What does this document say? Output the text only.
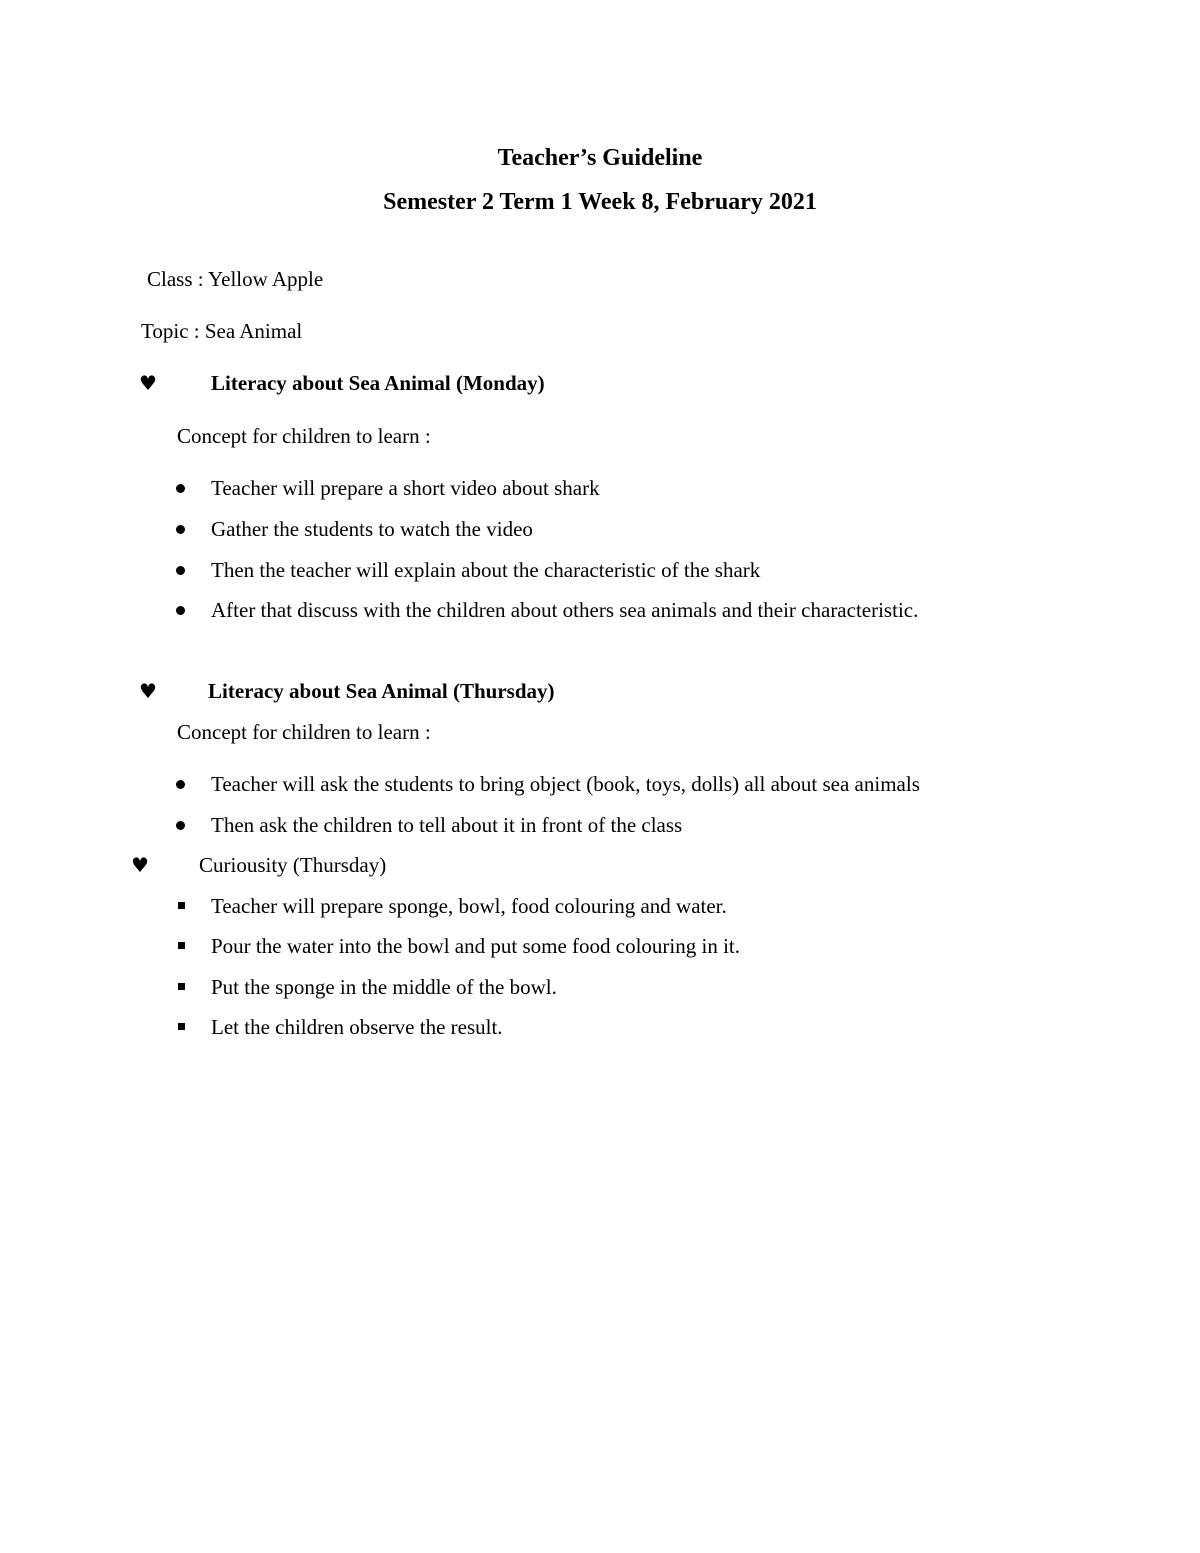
Teacher’s Guideline
Semester 2 Term 1 Week 8, February 2021
Class : Yellow Apple
Topic : Sea Animal
♥	Literacy about Sea Animal (Monday)
Concept for children to learn :
Teacher will prepare a short video about shark
Gather the students to watch the video
Then the teacher will explain about the characteristic of the shark
After that discuss with the children about others sea animals and their characteristic.
♥ Literacy about Sea Animal (Thursday)
Concept for children to learn :
Teacher will ask the students to bring object (book, toys, dolls) all about sea animals
Then ask the children to tell about it in front of the class
♥ Curiousity (Thursday)
Teacher will prepare sponge, bowl, food colouring and water.
Pour the water into the bowl and put some food colouring in it.
Put the sponge in the middle of the bowl.
Let the children observe the result.
